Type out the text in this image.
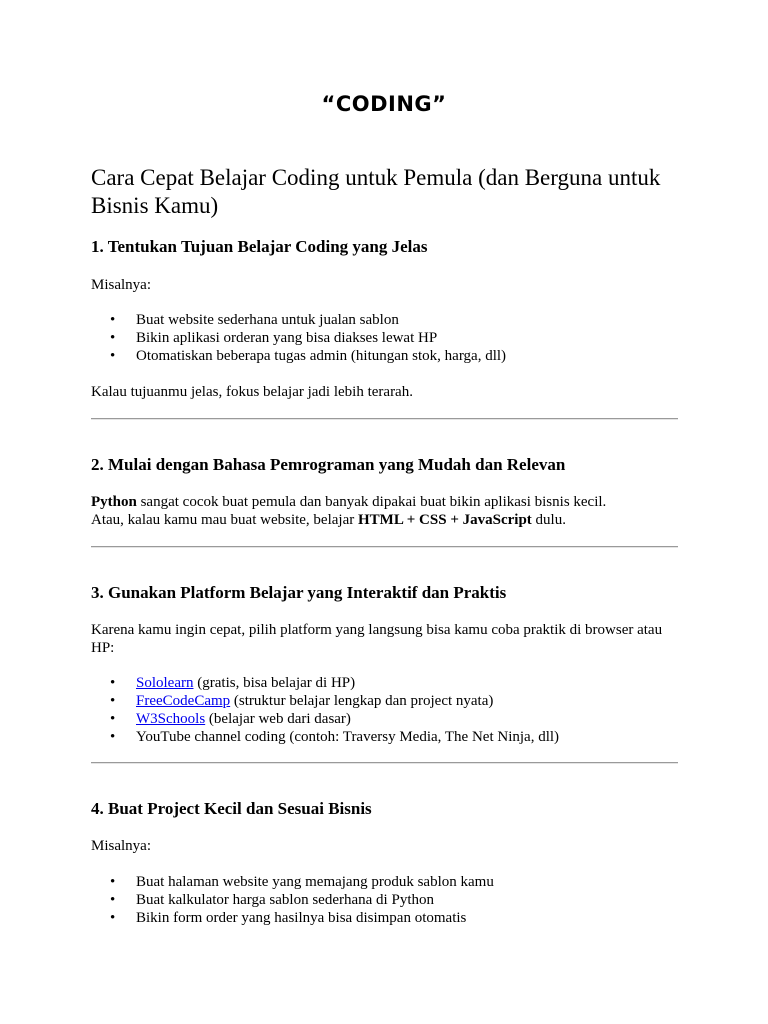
“CODING”
Cara Cepat Belajar Coding untuk Pemula (dan Berguna untuk Bisnis Kamu)
1. Tentukan Tujuan Belajar Coding yang Jelas

Misalnya:

• Buat website sederhana untuk jualan sablon
• Bikin aplikasi orderan yang bisa diakses lewat HP
• Otomatiskan beberapa tugas admin (hitungan stok, harga, dll)

Kalau tujuanmu jelas, fokus belajar jadi lebih terarah.

2. Mulai dengan Bahasa Pemrograman yang Mudah dan Relevan

Python sangat cocok buat pemula dan banyak dipakai buat bikin aplikasi bisnis kecil.

Atau, kalau kamu mau buat website, belajar HTML + CSS + JavaScript dulu.

3. Gunakan Platform Belajar yang Interaktif dan Praktis

Karena kamu ingin cepat, pilih platform yang langsung bisa kamu coba praktik di browser atau HP:

• Sololearn (gratis, bisa belajar di HP)
• FreeCodeCamp (struktur belajar lengkap dan project nyata)
• W3Schools (belajar web dari dasar)
• YouTube channel coding (contoh: Traversy Media, The Net Ninja, dll)
4. Buat Project Kecil dan Sesuai Bisnis

Misalnya:

• Buat halaman website yang memajang produk sablon kamu
• Buat kalkulator harga sablon sederhana di Python
• Bikin form order yang hasilnya bisa disimpan otomatis
